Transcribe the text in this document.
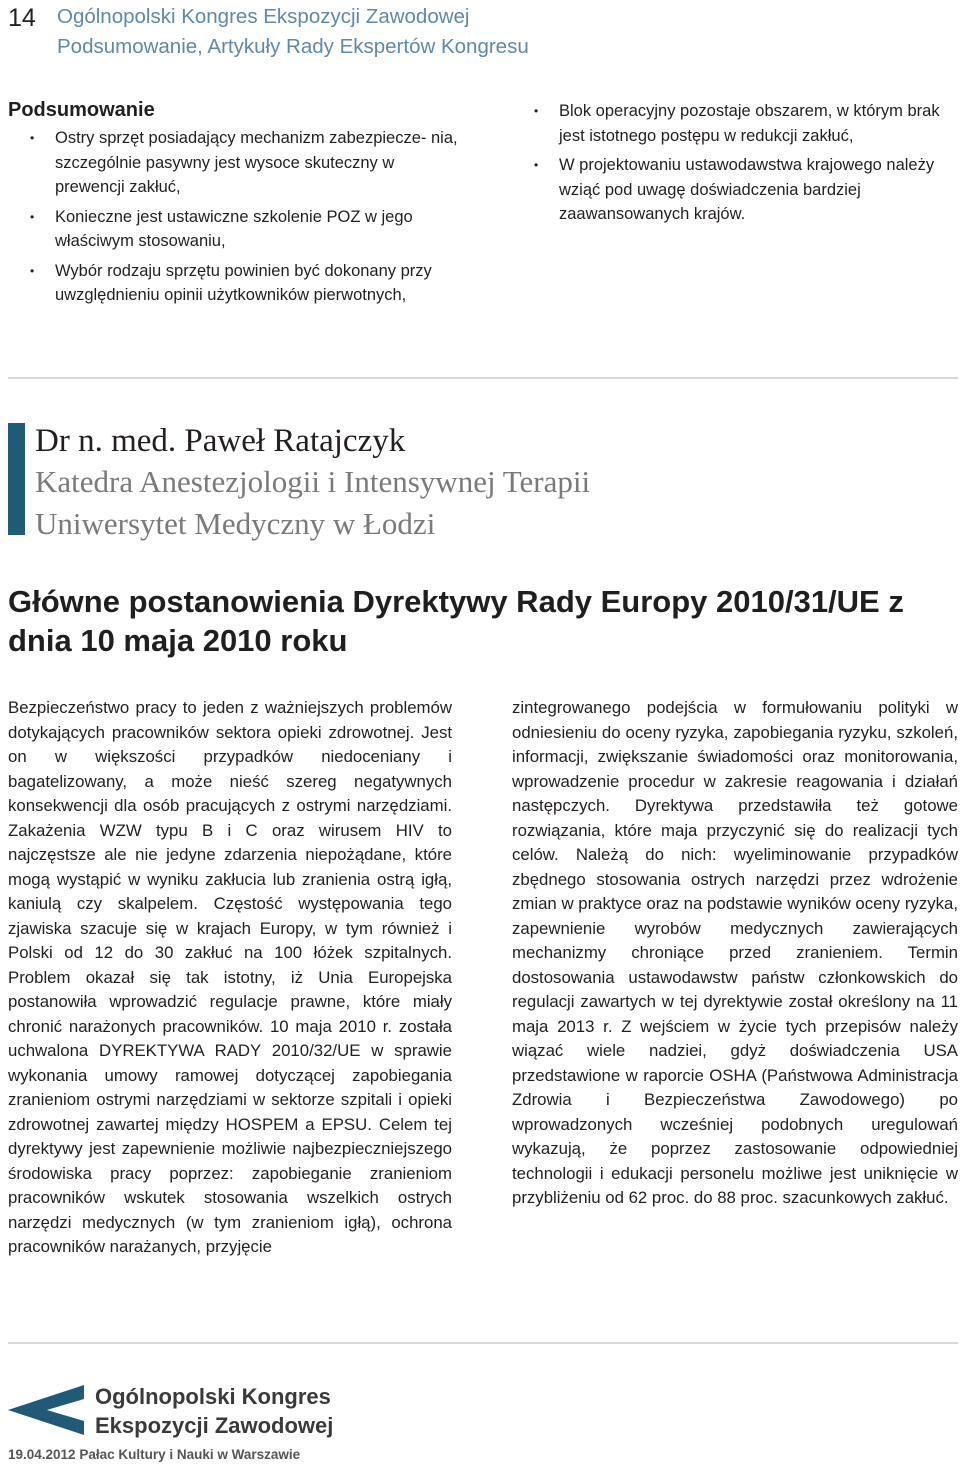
14 Ogólnopolski Kongres Ekspozycji Zawodowej
Podsumowanie, Artykuły Rady Ekspertów Kongresu
Podsumowanie
• Ostry sprzęt posiadający mechanizm zabezpiecze- nia, szczególnie pasywny jest wysoce skuteczny w prewencji zakłuć,
• Konieczne jest ustawiczne szkolenie POZ w jego właściwym stosowaniu,
• Wybór rodzaju sprzętu powinien być dokonany przy uwzględnieniu opinii użytkowników pierwotnych,
• Blok operacyjny pozostaje obszarem, w którym brak jest istotnego postępu w redukcji zakłuć,
• W projektowaniu ustawodawstwa krajowego należy wziąć pod uwagę doświadczenia bardziej zaawansowanych krajów.
Dr n. med. Paweł Ratajczyk
Katedra Anestezjologii i Intensywnej Terapii
Uniwersytet Medyczny w Łodzi
Główne postanowienia Dyrektywy Rady Europy 2010/31/UE z dnia 10 maja 2010 roku
Bezpieczeństwo pracy to jeden z ważniejszych problemów dotykających pracowników sektora opieki zdrowotnej. Jest on w większości przypadków niedoceniany i bagatelizowany, a może nieść szereg negatywnych konsekwencji dla osób pracujących z ostrymi narzędziami. Zakażenia WZW typu B i C oraz wirusem HIV to najczęstsze ale nie jedyne zdarzenia niepożądane, które mogą wystąpić w wyniku zakłucia lub zranienia ostrą igłą, kaniulą czy skalpelem. Częstość występowania tego zjawiska szacuje się w krajach Europy, w tym również i Polski od 12 do 30 zakłuć na 100 łóżek szpitalnych. Problem okazał się tak istotny, iż Unia Europejska postanowiła wprowadzić regulacje prawne, które miały chronić narażonych pracowników. 10 maja 2010 r. została uchwalona DYREKTYWA RADY 2010/32/UE w sprawie wykonania umowy ramowej dotyczącej zapobiegania zranieniom ostrymi narzędziami w sektorze szpitali i opieki zdrowotnej zawartej między HOSPEM a EPSU. Celem tej dyrektywy jest zapewnienie możliwie najbezpieczniejszego środowiska pracy poprzez: zapobieganie zranieniom pracowników wskutek stosowania wszelkich ostrych narzędzi medycznych (w tym zranieniom igłą), ochrona pracowników narażanych, przyjęcie
zintegrowanego podejścia w formułowaniu polityki w odniesieniu do oceny ryzyka, zapobiegania ryzyku, szkoleń, informacji, zwiększanie świadomości oraz monitorowania, wprowadzenie procedur w zakresie reagowania i działań następczych. Dyrektywa przedstawiła też gotowe rozwiązania, które maja przyczynić się do realizacji tych celów. Należą do nich: wyeliminowanie przypadków zbędnego stosowania ostrych narzędzi przez wdrożenie zmian w praktyce oraz na podstawie wyników oceny ryzyka, zapewnienie wyrobów medycznych zawierających mechanizmy chroniące przed zranieniem. Termin dostosowania ustawodawstw państw członkowskich do regulacji zawartych w tej dyrektywie został określony na 11 maja 2013 r. Z wejściem w życie tych przepisów należy wiązać wiele nadziei, gdyż doświadczenia USA przedstawione w raporcie OSHA (Państwowa Administracja Zdrowia i Bezpieczeństwa Zawodowego) po wprowadzonych wcześniej podobnych uregulowań wykazują, że poprzez zastosowanie odpowiedniej technologii i edukacji personelu możliwe jest uniknięcie w przybliżeniu od 62 proc. do 88 proc. szacunkowych zakłuć.
Ogólnopolski Kongres
Ekspozycji Zawodowej
19.04.2012 Pałac Kultury i Nauki w Warszawie
